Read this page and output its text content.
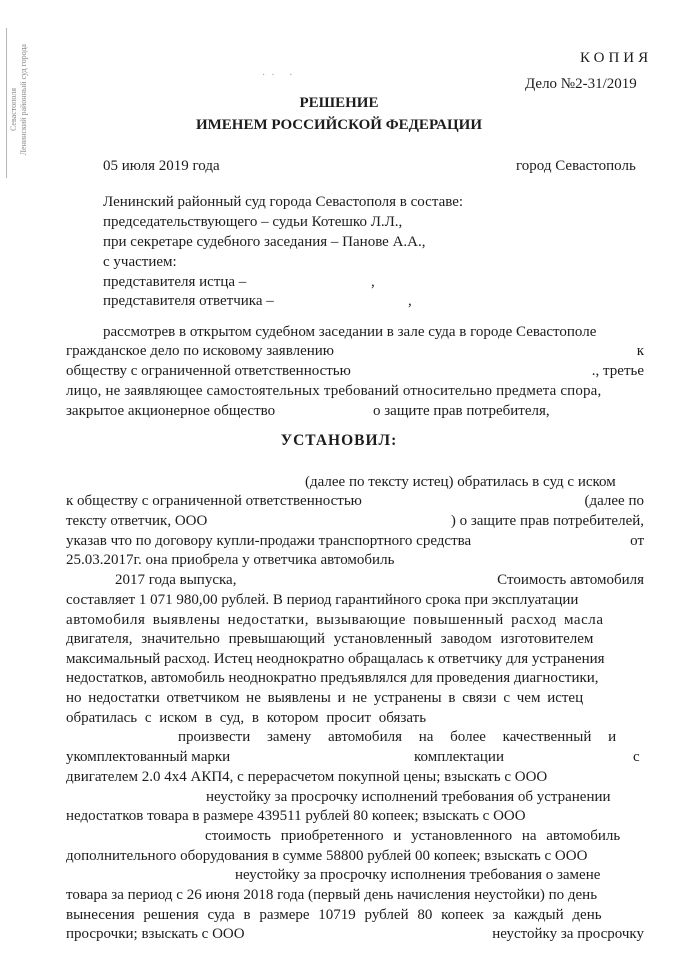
Ленинский районный суд города
Севастополя
·· ·
КОПИЯ
Дело №2-31/2019
РЕШЕНИЕ
ИМЕНЕМ РОССИЙСКОЙ ФЕДЕРАЦИИ
05 июля 2019 года	город Севастополь
Ленинский районный суд города Севастополя в составе:
председательствующего – судьи Котешко Л.Л.,
при секретаре судебного заседания – Панове А.А.,
с участием:
представителя истца –	,
представителя ответчика –	,
рассмотрев в открытом судебном заседании в зале суда в городе Севастополе
гражданское дело по исковому заявлению	к
обществу с ограниченной ответственностью	., третье
лицо, не заявляющее самостоятельных требований относительно предмета спора,
закрытое акционерное общество	о защите прав потребителя,
УСТАНОВИЛ:
(далее по тексту истец) обратилась в суд с иском
к обществу с ограниченной ответственностью	(далее по
тексту ответчик, ООО	) о защите прав потребителей,
указав что по договору купли-продажи транспортного средства	от
25.03.2017г. она приобрела у ответчика автомобиль
2017 года выпуска,	Стоимость автомобиля
составляет 1 071 980,00 рублей. В период гарантийного срока при эксплуатации
автомобиля выявлены недостатки, вызывающие повышенный расход масла
двигателя, значительно превышающий установленный заводом изготовителем
максимальный расход. Истец неоднократно обращалась к ответчику для устранения
недостатков, автомобиль неоднократно предъявлялся для проведения диагностики,
но недостатки ответчиком не выявлены и не устранены в связи с чем истец
обратилась с иском в суд, в котором просит обязать
произвести замену автомобиля на более качественный и
укомплектованный марки	комплектации	с
двигателем 2.0 4х4 АКП4, с перерасчетом покупной цены; взыскать с ООО
неустойку за просрочку исполнений требования об устранении
недостатков товара в размере 439511 рублей 80 копеек; взыскать с ООО
стоимость приобретенного и установленного на автомобиль
дополнительного оборудования в сумме 58800 рублей 00 копеек; взыскать с ООО
неустойку за просрочку исполнения требования о замене
товара за период с 26 июня 2018 года (первый день начисления неустойки) по день
вынесения решения суда в размере 10719 рублей 80 копеек за каждый день
просрочки; взыскать с ООО	неустойку за просрочку
